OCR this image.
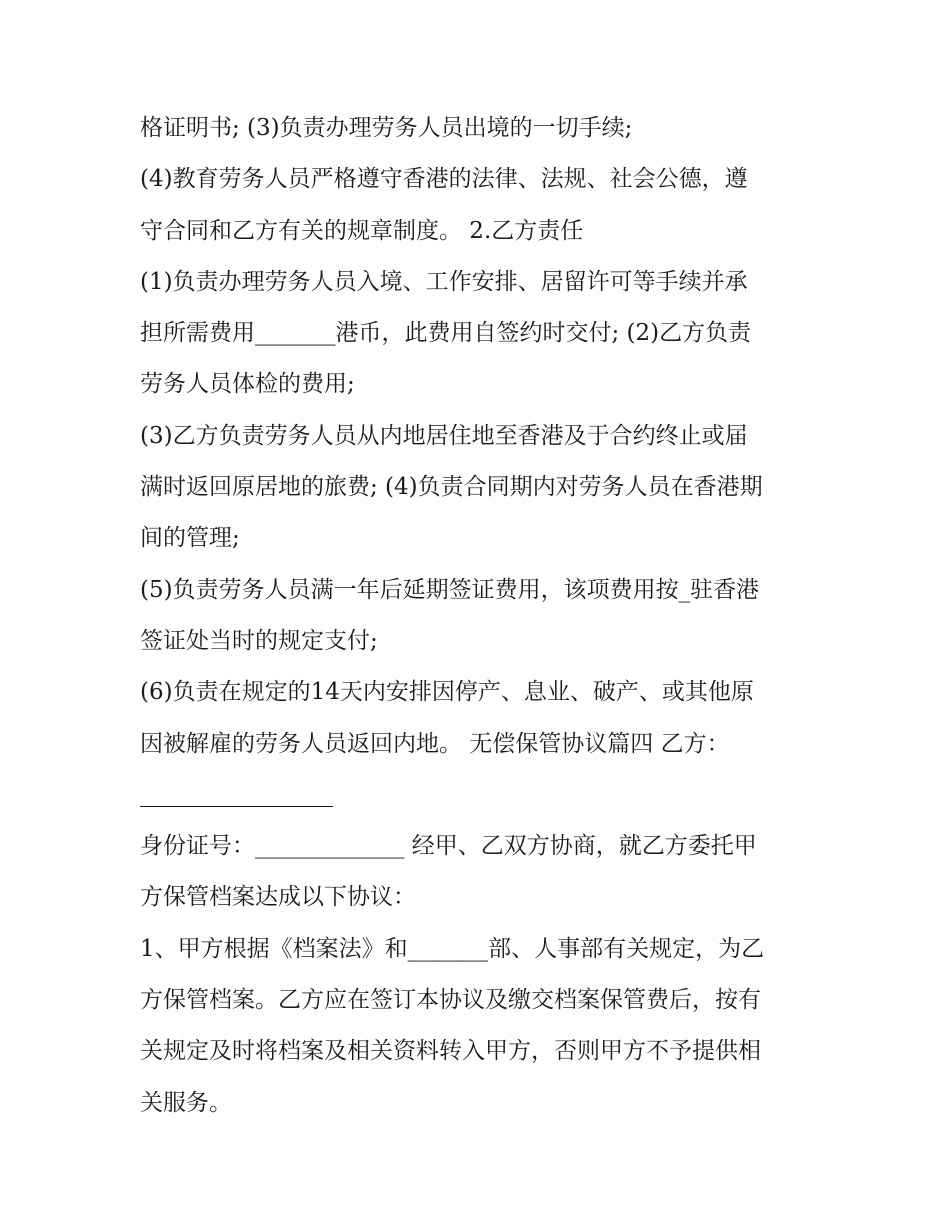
格证明书; (3)负责办理劳务人员出境的一切手续;
(4)教育劳务人员严格遵守香港的法律、法规、社会公德，遵
守合同和乙方有关的规章制度。 2.乙方责任
(1)负责办理劳务人员入境、工作安排、居留许可等手续并承
担所需费用_______港币，此费用自签约时交付; (2)乙方负责
劳务人员体检的费用;
(3)乙方负责劳务人员从内地居住地至香港及于合约终止或届
满时返回原居地的旅费; (4)负责合同期内对劳务人员在香港期
间的管理;
(5)负责劳务人员满一年后延期签证费用，该项费用按_驻香港
签证处当时的规定支付;
(6)负责在规定的14天内安排因停产、息业、破产、或其他原
因被解雇的劳务人员返回内地。 无偿保管协议篇四 乙方：
身份证号：_____________ 经甲、乙双方协商，就乙方委托甲
方保管档案达成以下协议：
1、甲方根据《档案法》和_______部、人事部有关规定，为乙
方保管档案。乙方应在签订本协议及缴交档案保管费后，按有
关规定及时将档案及相关资料转入甲方，否则甲方不予提供相
关服务。
